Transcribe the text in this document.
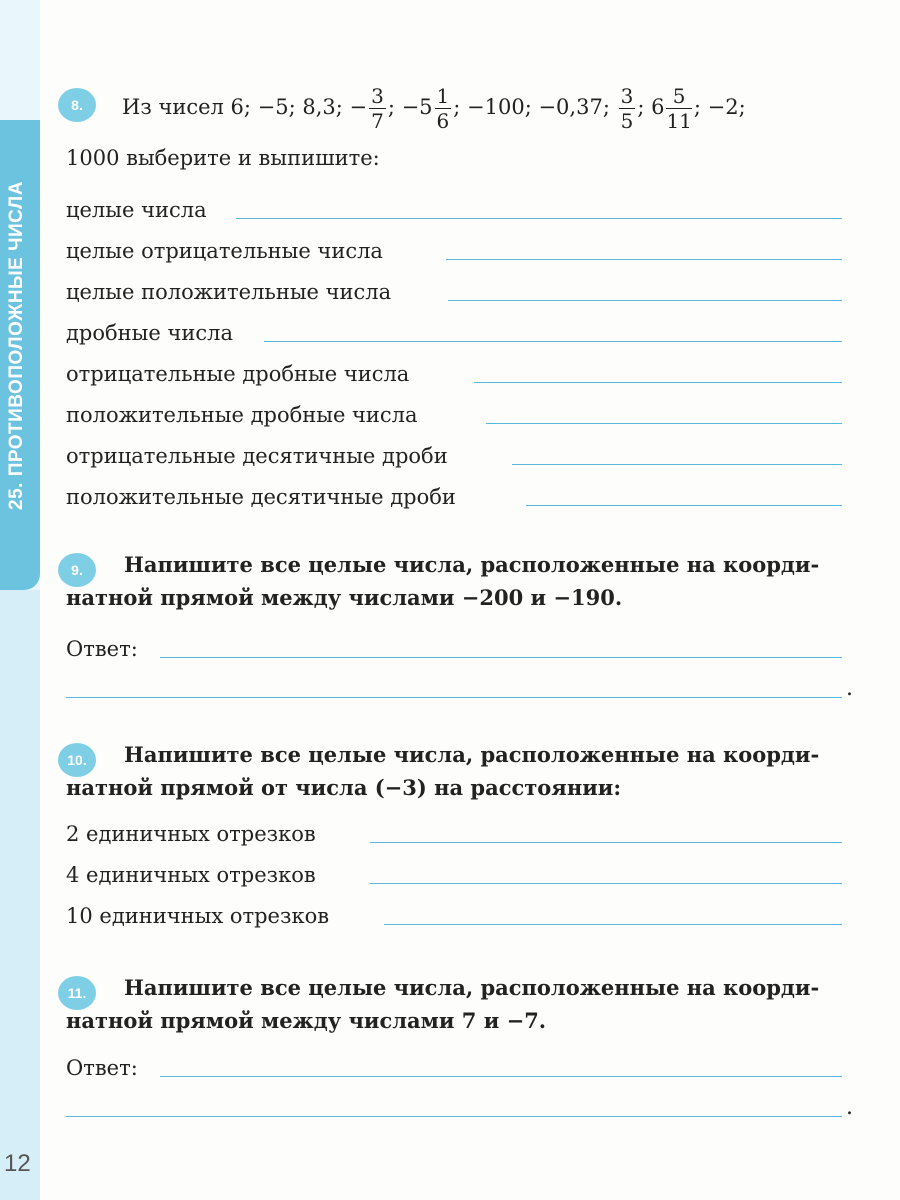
25. ПРОТИВОПОЛОЖНЫЕ ЧИСЛА
12
8.	Из чисел 6; −5; 8,3; − $\frac{3}{7}$ ; $-5 \frac{1}{6}$ ; −100; −0,37; $\frac{3}{5}$ ; $6 \frac{5}{11}$ ; −2;
1000 выберите и выпишите:
целые числа
целые отрицательные числа
целые положительные числа
дробные числа
отрицательные дробные числа
положительные дробные числа
отрицательные десятичные дроби
положительные десятичные дроби
9.	Напишите все целые числа, расположенные на коорди-
натной прямой между числами −200 и −190.
Ответ:
.
10.	Напишите все целые числа, расположенные на коорди-
натной прямой от числа (−3) на расстоянии:
2 единичных отрезков
4 единичных отрезков
10 единичных отрезков
11.	Напишите все целые числа, расположенные на коорди-
натной прямой между числами 7 и −7.
Ответ:
.
